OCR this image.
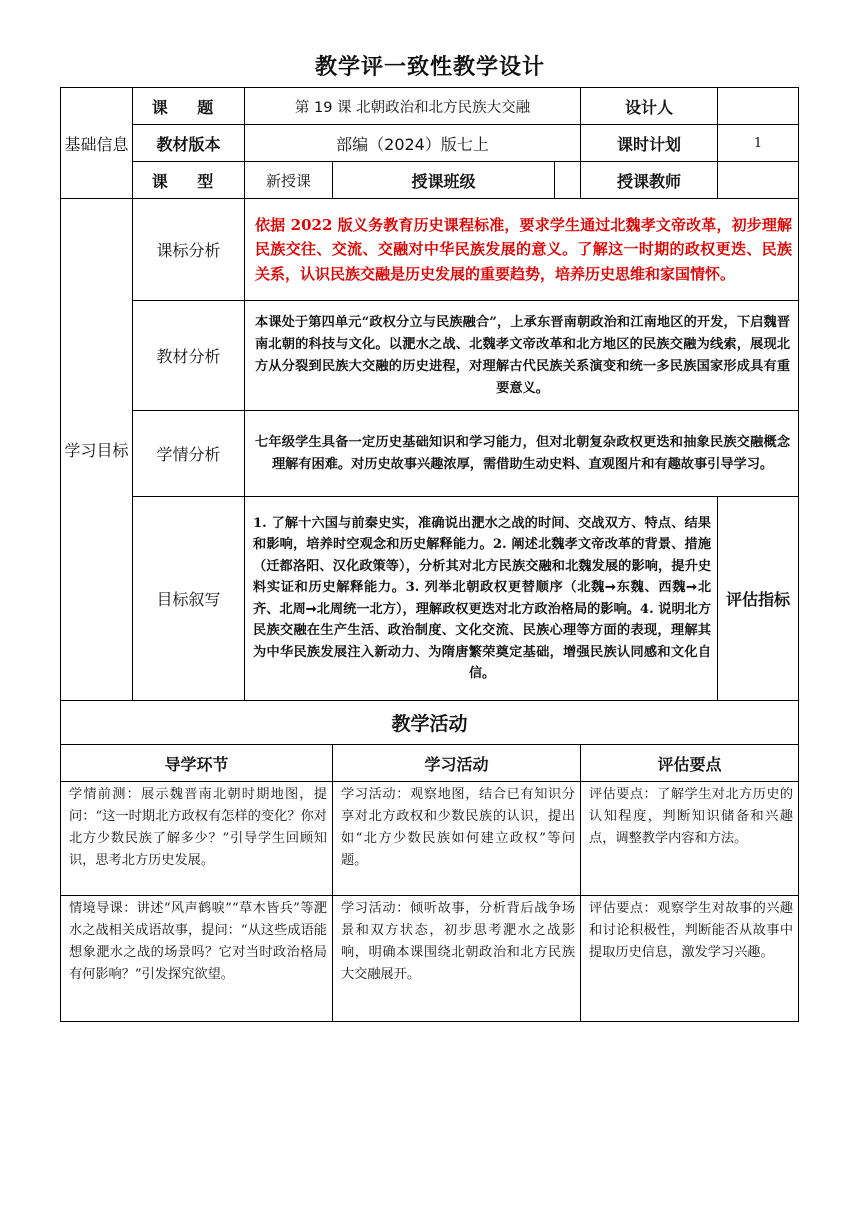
教学评一致性教学设计
基础信息	课 题	第 19 课 北朝政治和北方民族大交融			设计人	
	教材版本	部编（2024）版七上			课时计划	1
	课 型	新授课	授课班级		授课教师	
学习目标	课标分析	依据 2022 版义务教育历史课程标准，要求学生通过北魏孝文帝改革，初步理解民族交往、交流、交融对中华民族发展的意义。了解这一时期的政权更迭、民族关系，认识民族交融是历史发展的重要趋势，培养历史思维和家国情怀。				
	教材分析	本课处于第四单元“政权分立与民族融合”，上承东晋南朝政治和江南地区的开发，下启魏晋南北朝的科技与文化。以淝水之战、北魏孝文帝改革和北方地区的民族交融为线索，展现北方从分裂到民族大交融的历史进程，对理解古代民族关系演变和统一多民族国家形成具有重要意义。				
	学情分析	七年级学生具备一定历史基础知识和学习能力，但对北朝复杂政权更迭和抽象民族交融概念理解有困难。对历史故事兴趣浓厚，需借助生动史料、直观图片和有趣故事引导学习。				
	目标叙写	1. 了解十六国与前秦史实，准确说出淝水之战的时间、交战双方、特点、结果和影响，培养时空观念和历史解释能力。2. 阐述北魏孝文帝改革的背景、措施（迁都洛阳、汉化政策等），分析其对北方民族交融和北魏发展的影响，提升史料实证和历史解释能力。3. 列举北朝政权更替顺序（北魏➞东魏、西魏➞北齐、北周➞北周统一北方），理解政权更迭对北方政治格局的影响。4. 说明北方民族交融在生产生活、政治制度、文化交流、民族心理等方面的表现，理解其为中华民族发展注入新动力、为隋唐繁荣奠定基础，增强民族认同感和文化自信。				评估指标
教学活动						
导学环节			学习活动		评估要点	
学情前测：展示魏晋南北朝时期地图，提问：“这一时期北方政权有怎样的变化？你对北方少数民族了解多少？”引导学生回顾知识，思考北方历史发展。			学习活动：观察地图，结合已有知识分享对北方政权和少数民族的认识，提出如“北方少数民族如何建立政权”等问题。		评估要点：了解学生对北方历史的认知程度，判断知识储备和兴趣点，调整教学内容和方法。	
情境导课：讲述“风声鹤唳”“草木皆兵”等淝水之战相关成语故事，提问：“从这些成语能想象淝水之战的场景吗？它对当时政治格局有何影响？”引发探究欲望。			学习活动：倾听故事，分析背后战争场景和双方状态，初步思考淝水之战影响，明确本课围绕北朝政治和北方民族大交融展开。		评估要点：观察学生对故事的兴趣和讨论积极性，判断能否从故事中提取历史信息，激发学习兴趣。	
